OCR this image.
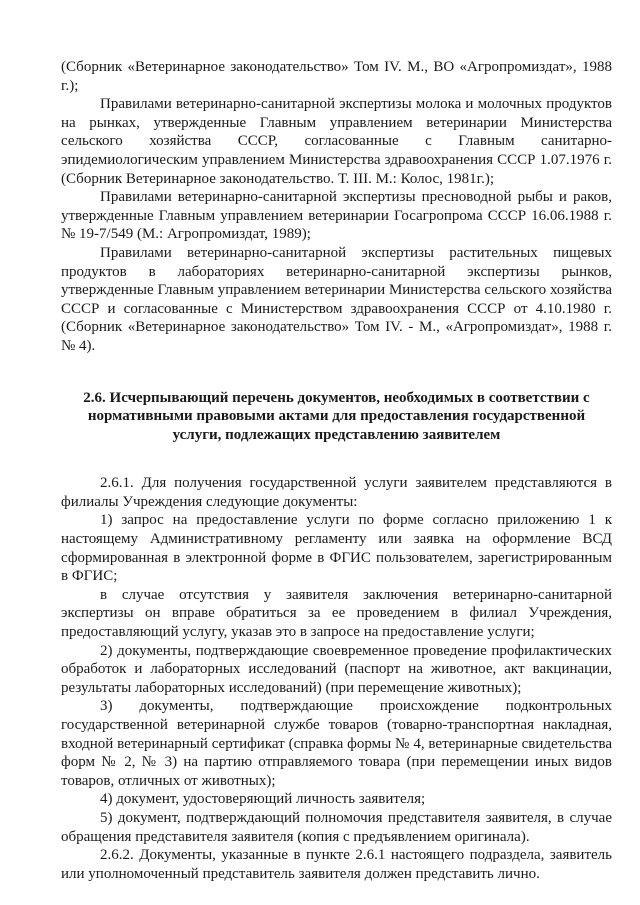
(Сборник «Ветеринарное законодательство» Том IV. М., ВО «Агропромиздат», 1988 г.);

Правилами ветеринарно-санитарной экспертизы молока и молочных продуктов на рынках, утвержденные Главным управлением ветеринарии Министерства сельского хозяйства СССР, согласованные с Главным санитарно-эпидемиологическим управлением Министерства здравоохранения СССР 1.07.1976 г. (Сборник Ветеринарное законодательство. Т. III. М.: Колос, 1981г.);

Правилами ветеринарно-санитарной экспертизы пресноводной рыбы и раков, утвержденные Главным управлением ветеринарии Госагропрома СССР 16.06.1988 г. № 19-7/549 (М.: Агропромиздат, 1989);

Правилами ветеринарно-санитарной экспертизы растительных пищевых продуктов в лабораториях ветеринарно-санитарной экспертизы рынков, утвержденные Главным управлением ветеринарии Министерства сельского хозяйства СССР и согласованные с Министерством здравоохранения СССР от 4.10.1980 г. (Сборник «Ветеринарное законодательство» Том IV. - М., «Агропромиздат», 1988 г. № 4).

2.6. Исчерпывающий перечень документов, необходимых в соответствии с нормативными правовыми актами для предоставления государственной услуги, подлежащих представлению заявителем

2.6.1. Для получения государственной услуги заявителем представляются в филиалы Учреждения следующие документы:

1) запрос на предоставление услуги по форме согласно приложению 1 к настоящему Административному регламенту или заявка на оформление ВСД сформированная в электронной форме в ФГИС пользователем, зарегистрированным в ФГИС;

в случае отсутствия у заявителя заключения ветеринарно-санитарной экспертизы он вправе обратиться за ее проведением в филиал Учреждения, предоставляющий услугу, указав это в запросе на предоставление услуги;

2) документы, подтверждающие своевременное проведение профилактических обработок и лабораторных исследований (паспорт на животное, акт вакцинации, результаты лабораторных исследований) (при перемещение животных);

3) документы, подтверждающие происхождение подконтрольных государственной ветеринарной службе товаров (товарно-транспортная накладная, входной ветеринарный сертификат (справка формы № 4, ветеринарные свидетельства форм № 2, № 3) на партию отправляемого товара (при перемещении иных видов товаров, отличных от животных);

4) документ, удостоверяющий личность заявителя;

5) документ, подтверждающий полномочия представителя заявителя, в случае обращения представителя заявителя (копия с предъявлением оригинала).

2.6.2. Документы, указанные в пункте 2.6.1 настоящего подраздела, заявитель или уполномоченный представитель заявителя должен представить лично.
